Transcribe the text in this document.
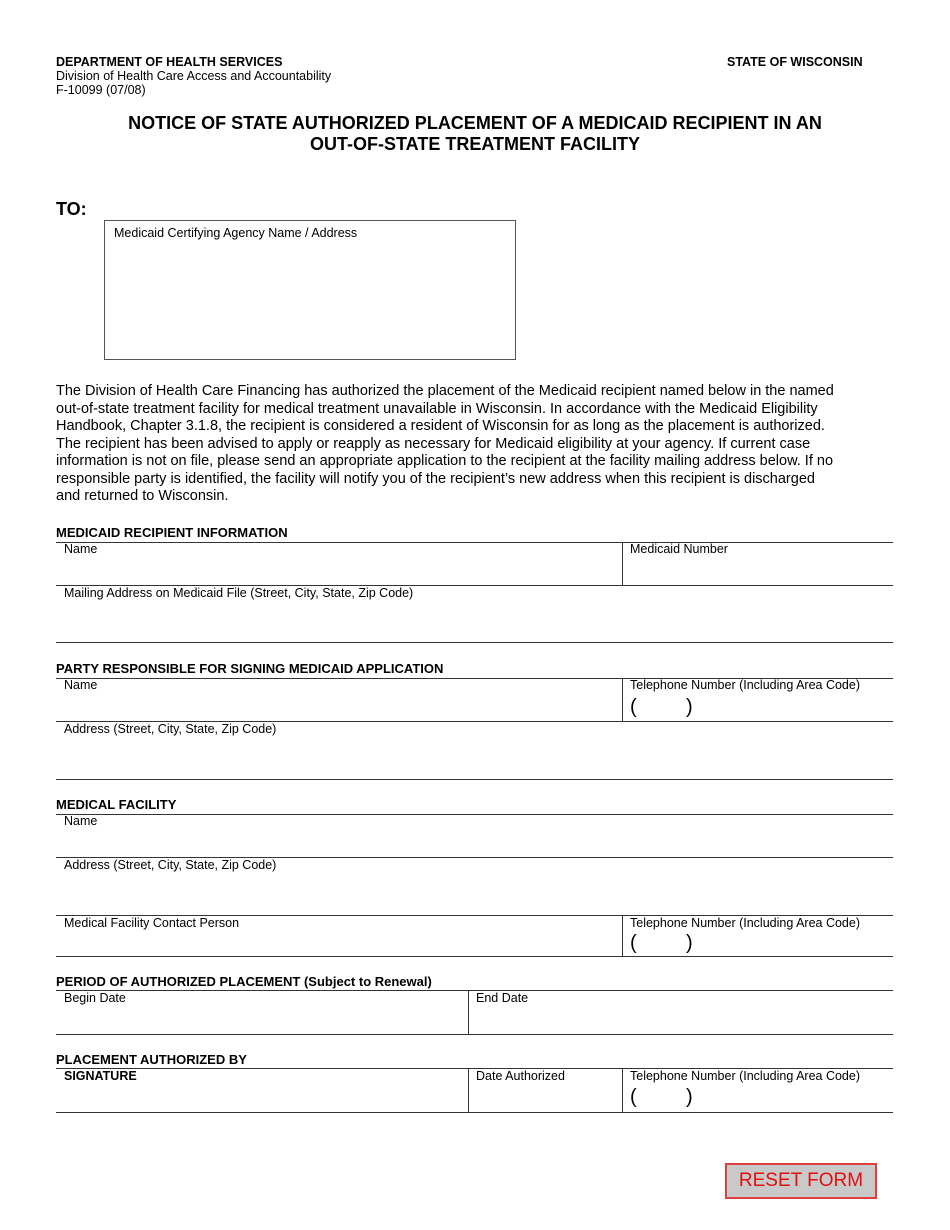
DEPARTMENT OF HEALTH SERVICES
Division of Health Care Access and Accountability
F-10099 (07/08)
STATE OF WISCONSIN
NOTICE OF STATE AUTHORIZED PLACEMENT OF A MEDICAID RECIPIENT IN AN
OUT-OF-STATE TREATMENT FACILITY
TO:
Medicaid Certifying Agency Name / Address
The Division of Health Care Financing has authorized the placement of the Medicaid recipient named below in the named
out-of-state treatment facility for medical treatment unavailable in Wisconsin. In accordance with the Medicaid Eligibility
Handbook, Chapter 3.1.8, the recipient is considered a resident of Wisconsin for as long as the placement is authorized.
The recipient has been advised to apply or reapply as necessary for Medicaid eligibility at your agency. If current case
information is not on file, please send an appropriate application to the recipient at the facility mailing address below. If no
responsible party is identified, the facility will notify you of the recipient’s new address when this recipient is discharged
and returned to Wisconsin.
MEDICAID RECIPIENT INFORMATION
Name	Medicaid Number
Mailing Address on Medicaid File (Street, City, State, Zip Code)
PARTY RESPONSIBLE FOR SIGNING MEDICAID APPLICATION
Name	Telephone Number (Including Area Code)
( )
Address (Street, City, State, Zip Code)
MEDICAL FACILITY
Name
Address (Street, City, State, Zip Code)
Medical Facility Contact Person	Telephone Number (Including Area Code)
( )
PERIOD OF AUTHORIZED PLACEMENT (Subject to Renewal)
Begin Date	End Date
PLACEMENT AUTHORIZED BY
SIGNATURE	Date Authorized	Telephone Number (Including Area Code)
( )
RESET FORM
